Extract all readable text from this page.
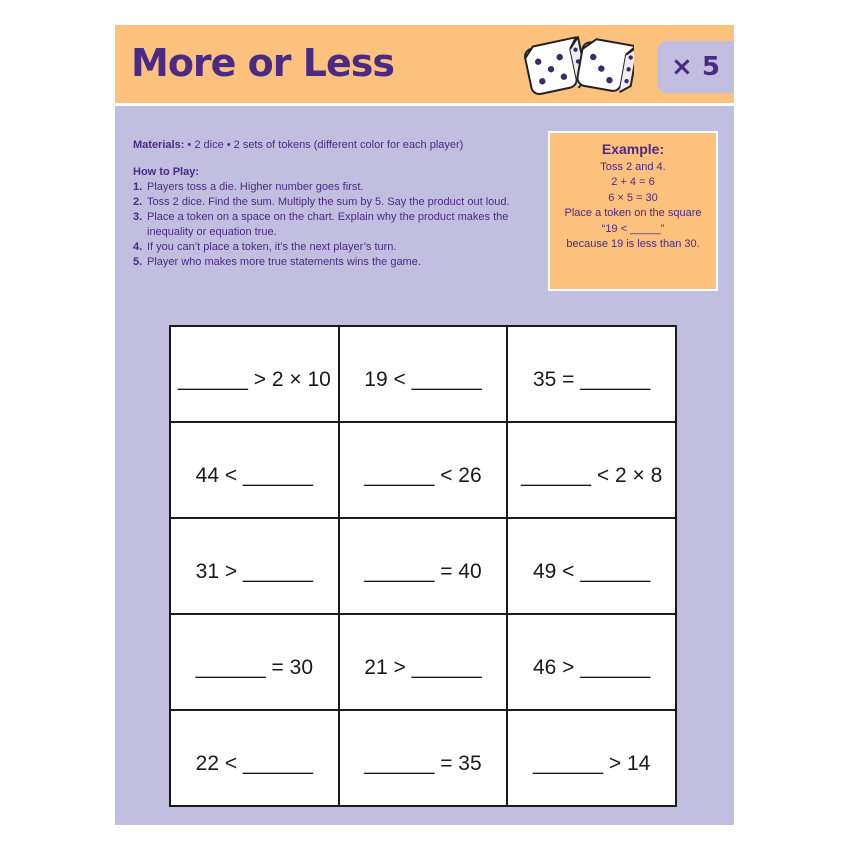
More or Less	× 5
Materials: • 2 dice • 2 sets of tokens (different color for each player)
How to Play:
1. Players toss a die. Higher number goes first.
2. Toss 2 dice. Find the sum. Multiply the sum by 5. Say the product out loud.
3. Place a token on a space on the chart. Explain why the product makes the inequality or equation true.
4. If you can’t place a token, it’s the next player’s turn.
5. Player who makes more true statements wins the game.
Example:
Toss 2 and 4.
2 + 4 = 6
6 × 5 = 30
Place a token on the square
“19 < _____”
because 19 is less than 30.
______ > 2 × 10	19 < ______	35 = ______
44 < ______	______ < 26	______ < 2 × 8
31 > ______	______ = 40	49 < ______
______ = 30	21 > ______	46 > ______
22 < ______	______ = 35	______ > 14
